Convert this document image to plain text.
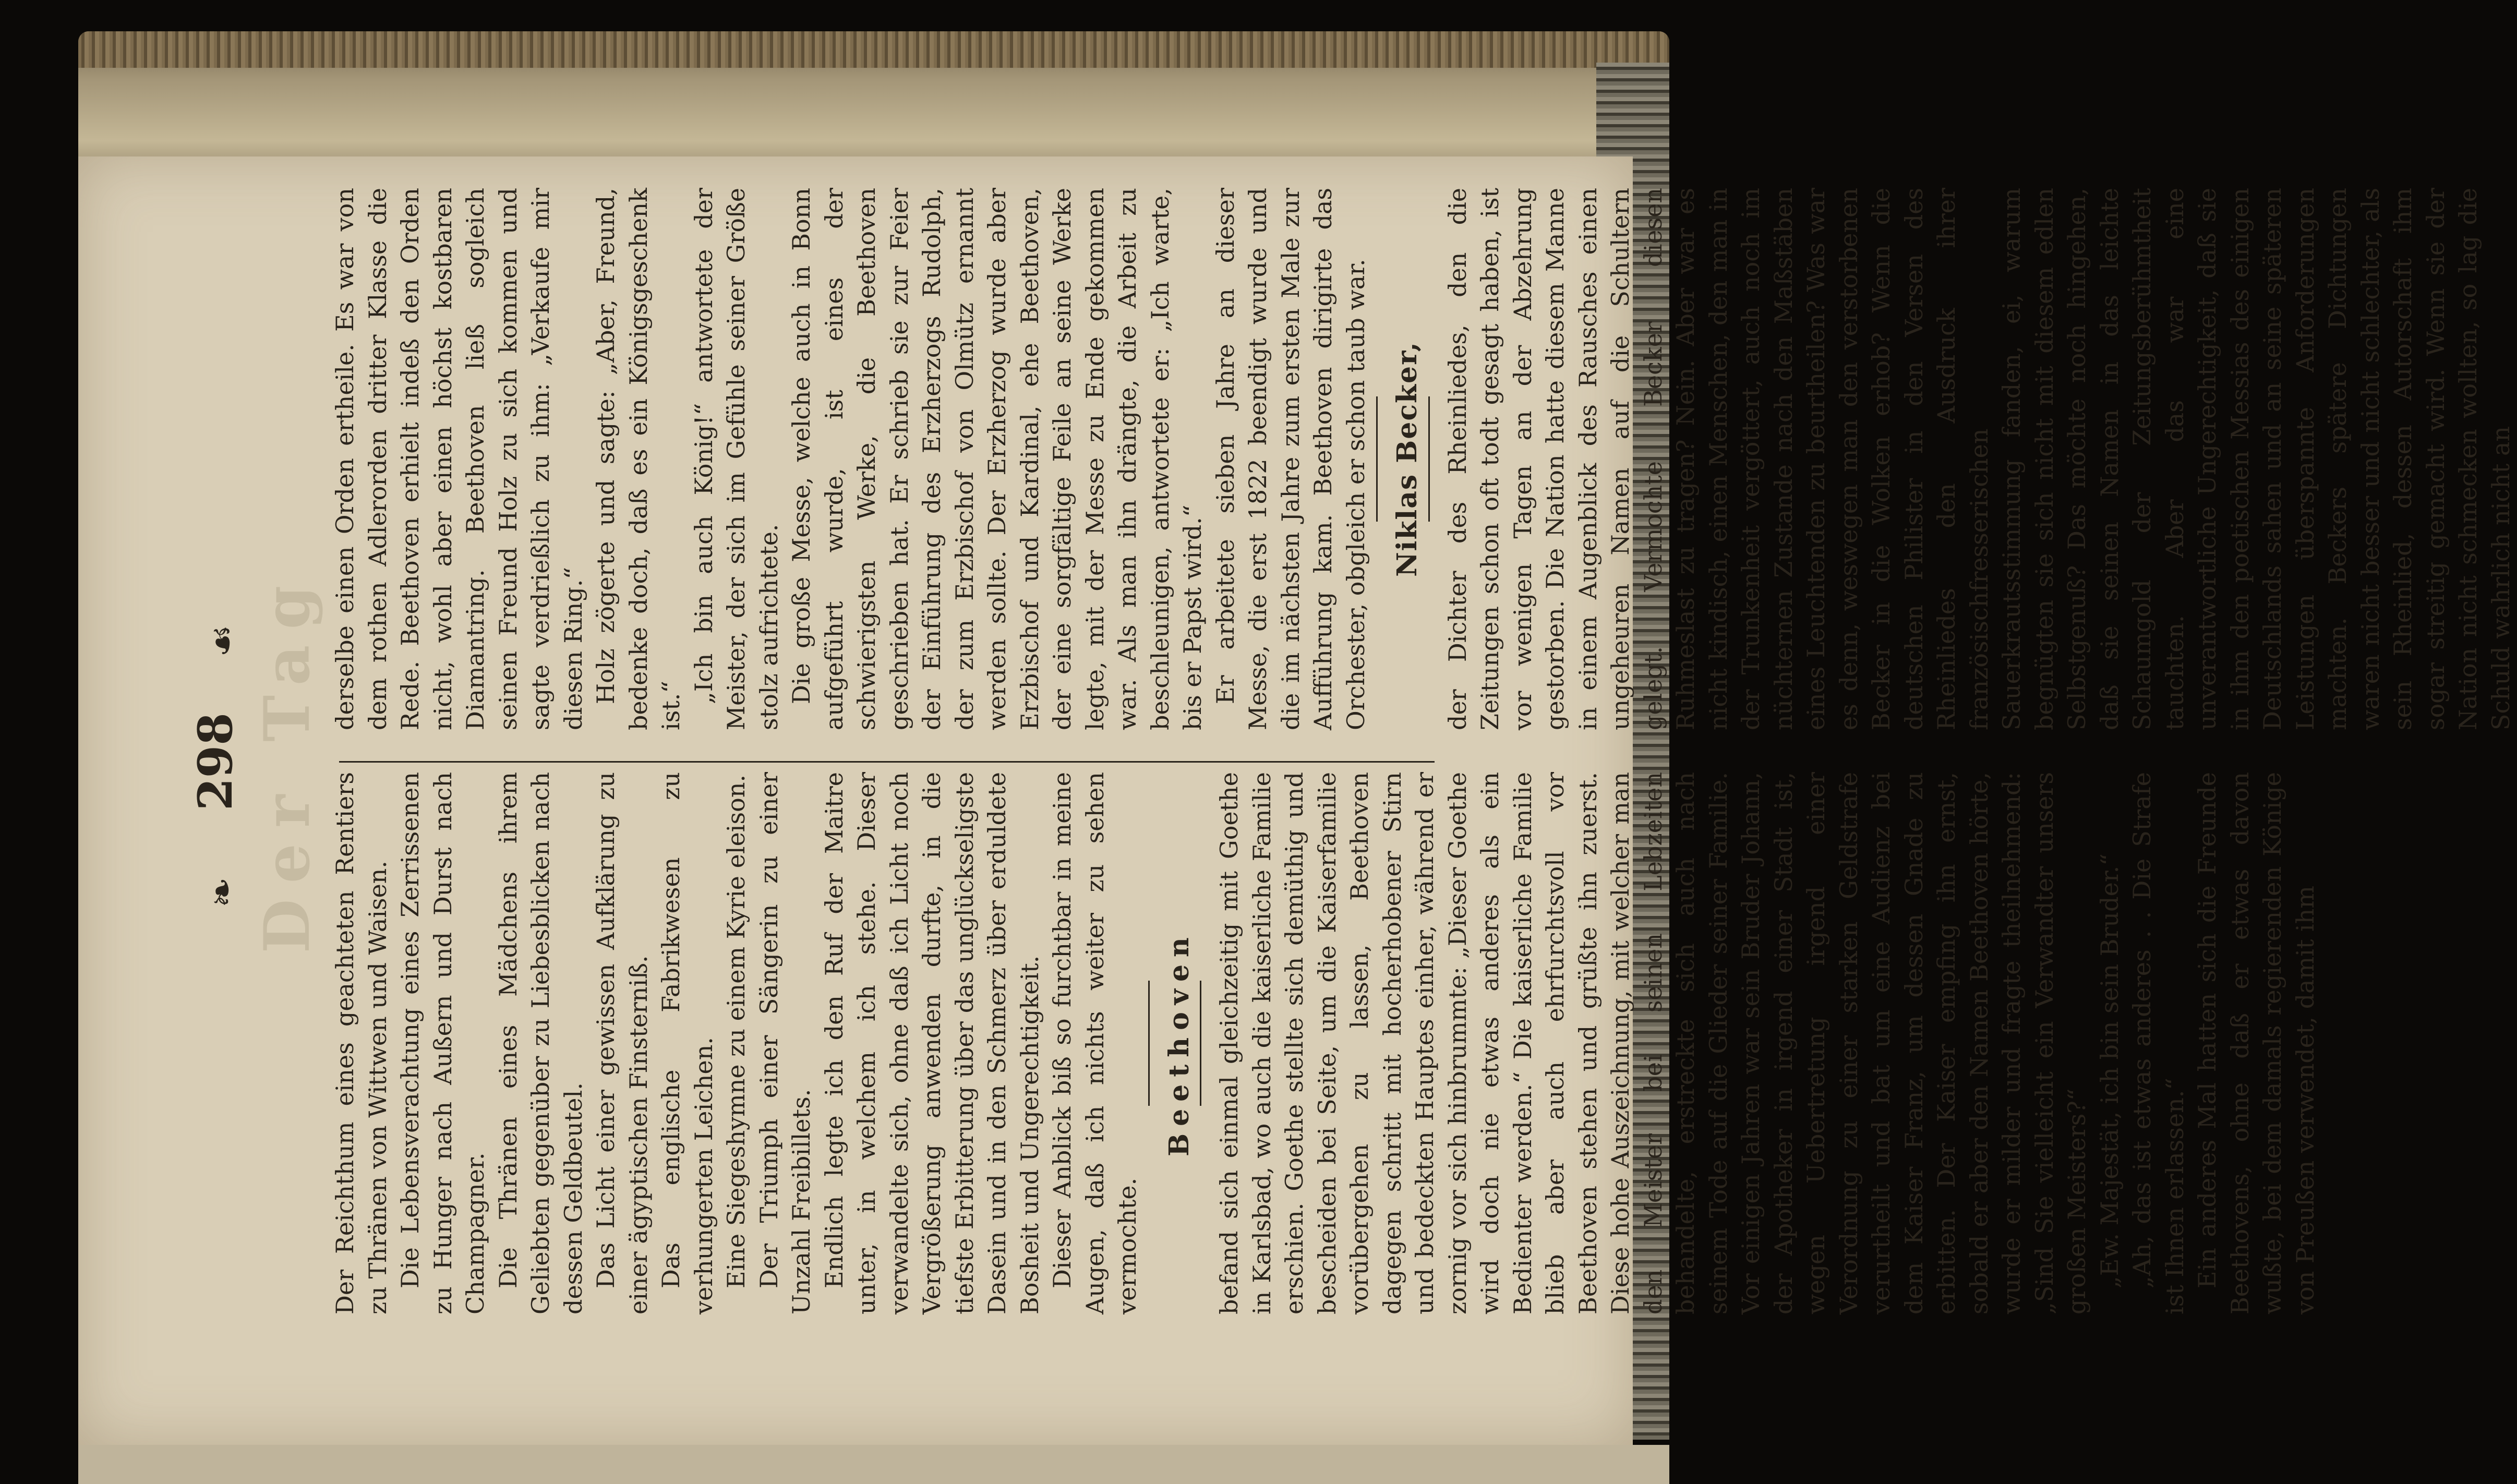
❧
298
☙ Der Tag

Der Reichthum eines geachteten Rentiers zu Thränen von Wittwen und Waisen. Die Lebensverachtung eines Zerrissenen zu Hunger nach Außern und Durst nach Champagner. Die Thränen eines Mädchens ihrem Geliebten gegenüber zu Liebesblicken nach dessen Geldbeutel. Das Licht einer gewissen Aufklärung zu einer ägyptischen Finsterniß. Das englische Fabrikwesen zu verhungerten Leichen. Eine Siegeshymne zu einem Kyrie eleison. Der Triumph einer Sängerin zu einer Unzahl Freibillets. Endlich legte ich den Ruf der Maitre unter, in welchem ich stehe. Dieser verwandelte sich, ohne daß ich Licht noch Vergrößerung anwenden durfte, in die tiefste Erbitterung über das unglückseligste Dasein und in den Schmerz über erduldete Bosheit und Ungerechtigkeit. Dieser Anblick biß so furchtbar in meine Augen, daß ich nichts weiter zu sehen vermochte.

Beethoven befand sich einmal gleichzeitig mit Goethe in Karlsbad, wo auch die kaiserliche Familie erschien. Goethe stellte sich demüthig und bescheiden bei Seite, um die Kaiserfamilie vorübergehen zu lassen, Beethoven dagegen schritt mit hocherhobener Stirn und bedeckten Hauptes einher, während er zornig vor sich hinbrummte: „Dieser Goethe wird doch nie etwas anderes als ein Bedienter werden.“ Die kaiserliche Familie blieb aber auch ehrfurchtsvoll vor Beethoven stehen und grüßte ihn zuerst. Diese hohe Auszeichnung, mit welcher man den Meister bei seinen Lebzeiten behandelte, erstreckte sich auch nach seinem Tode auf die Glieder seiner Familie. Vor einigen Jahren war sein Bruder Johann, der Apotheker in irgend einer Stadt ist, wegen Uebertretung irgend einer Verordnung zu einer starken Geldstrafe verurtheilt und bat um eine Audienz bei dem Kaiser Franz, um dessen Gnade zu erbitten. Der Kaiser empfing ihn ernst, sobald er aber den Namen Beethoven hörte, wurde er milder und fragte theilnehmend: „Sind Sie vielleicht ein Verwandter unsers großen Meisters?“ „Ew. Majestät, ich bin sein Bruder.“ „Ah, das ist etwas anderes . . Die Strafe ist Ihnen erlassen.“ Ein anderes Mal hatten sich die Freunde Beethovens, ohne daß er etwas davon wußte, bei dem damals regierenden Könige von Preußen verwendet, damit ihm

derselbe einen Orden ertheile. Es war von dem rothen Adlerorden dritter Klasse die Rede. Beethoven erhielt indeß den Orden nicht, wohl aber einen höchst kostbaren Diamantring. Beethoven ließ sogleich seinen Freund Holz zu sich kommen und sagte verdrießlich zu ihm: „Verkaufe mir diesen Ring.“ Holz zögerte und sagte: „Aber, Freund, bedenke doch, daß es ein Königsgeschenk ist.“

„Ich bin auch König!“ antwortete der Meister, der sich im Gefühle seiner Größe stolz aufrichtete. Die große Messe, welche auch in Bonn aufgeführt wurde, ist eines der schwierigsten Werke, die Beethoven geschrieben hat. Er schrieb sie zur Feier der Einführung des Erzherzogs Rudolph, der zum Erzbischof von Olmütz ernannt werden sollte. Der Erzherzog wurde aber Erzbischof und Kardinal, ehe Beethoven, der eine sorgfältige Feile an seine Werke legte, mit der Messe zu Ende gekommen war. Als man ihn drängte, die Arbeit zu beschleunigen, antwortete er: „Ich warte, bis er Papst wird.“ Er arbeitete sieben Jahre an dieser Messe, die erst 1822 beendigt wurde und die im nächsten Jahre zum ersten Male zur Aufführung kam. Beethoven dirigirte das Orchester, obgleich er schon taub war. Niklas Becker, der Dichter des Rheinliedes, den die Zeitungen schon oft todt gesagt haben, ist vor wenigen Tagen an der Abzehrung gestorben. Die Nation hatte diesem Manne in einem Augenblick des Rausches einen ungeheuren Namen auf die Schultern gelegt. Vermochte Becker diesen Ruhmeslast zu tragen? Nein. Aber war es nicht kindisch, einen Menschen, den man in der Trunkenheit vergöttert, auch noch im nüchternen Zustande nach den Maßstäben eines Leuchtenden zu beurtheilen? Was war es denn, weswegen man den verstorbenen Becker in die Wolken erhob? Wenn die deutschen Philister in den Versen des Rheinliedes den Ausdruck ihrer französischfresserischen Sauerkrautsstimmung fanden, ei, warum begnügten sie sich nicht mit diesem edlen Selbstgenuß? Das möchte noch hingehen, daß sie seinen Namen in das leichte Schaumgold der Zeitungsberühmtheit tauchten. Aber das war eine unverantwortliche Ungerechtigkeit, daß sie in ihm den poetischen Messias des einigen Deutschlands sahen und an seine späteren Leistungen überspannte Anforderungen machten. Beckers spätere Dichtungen waren nicht besser und nicht schlechter, als sein Rheinlied, dessen Autorschaft ihm sogar streitig gemacht wird. Wenn sie der Nation nicht schmecken wollten, so lag die Schuld wahrlich nicht an
